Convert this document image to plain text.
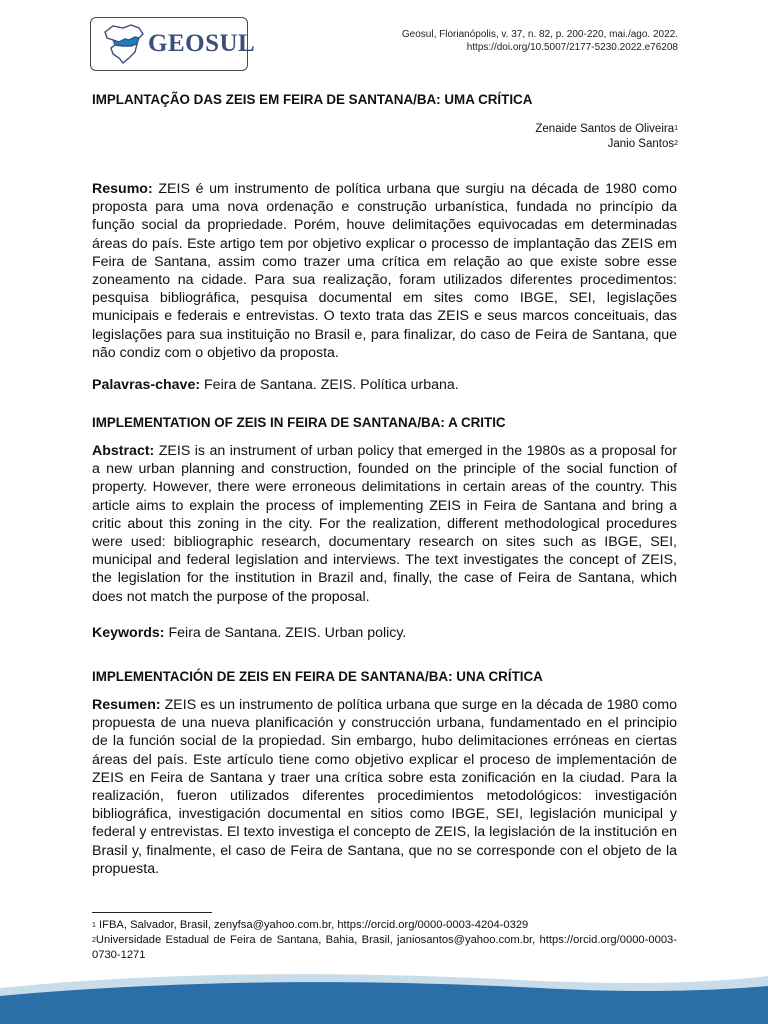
GEOSUL	Geosul, Florianópolis, v. 37, n. 82, p. 200-220, mai./ago. 2022.
https://doi.org/10.5007/2177-5230.2022.e76208
IMPLANTAÇÃO DAS ZEIS EM FEIRA DE SANTANA/BA: UMA CRÍTICA
Zenaide Santos de Oliveira$^1$
Janio Santos$^2$

Resumo: ZEIS é um instrumento de política urbana que surgiu na década de 1980 como proposta para uma nova ordenação e construção urbanística, fundada no princípio da função social da propriedade. Porém, houve delimitações equivocadas em determinadas áreas do país. Este artigo tem por objetivo explicar o processo de implantação das ZEIS em Feira de Santana, assim como trazer uma crítica em relação ao que existe sobre esse zoneamento na cidade. Para sua realização, foram utilizados diferentes procedimentos: pesquisa bibliográfica, pesquisa documental em sites como IBGE, SEI, legislações municipais e federais e entrevistas. O texto trata das ZEIS e seus marcos conceituais, das legislações para sua instituição no Brasil e, para finalizar, do caso de Feira de Santana, que não condiz com o objetivo da proposta.

Palavras-chave: Feira de Santana. ZEIS. Política urbana.

IMPLEMENTATION OF ZEIS IN FEIRA DE SANTANA/BA: A CRITIC

Abstract: ZEIS is an instrument of urban policy that emerged in the 1980s as a proposal for a new urban planning and construction, founded on the principle of the social function of property. However, there were erroneous delimitations in certain areas of the country. This article aims to explain the process of implementing ZEIS in Feira de Santana and bring a critic about this zoning in the city. For the realization, different methodological procedures were used: bibliographic research, documentary research on sites such as IBGE, SEI, municipal and federal legislation and interviews. The text investigates the concept of ZEIS, the legislation for the institution in Brazil and, finally, the case of Feira de Santana, which does not match the purpose of the proposal.

Keywords: Feira de Santana. ZEIS. Urban policy.

IMPLEMENTACIÓN DE ZEIS EN FEIRA DE SANTANA/BA: UNA CRÍTICA

Resumen: ZEIS es un instrumento de política urbana que surge en la década de 1980 como propuesta de una nueva planificación y construcción urbana, fundamentado en el principio de la función social de la propiedad. Sin embargo, hubo delimitaciones erróneas en ciertas áreas del país. Este artículo tiene como objetivo explicar el proceso de implementación de ZEIS en Feira de Santana y traer una crítica sobre esta zonificación en la ciudad. Para la realización, fueron utilizados diferentes procedimientos metodológicos: investigación bibliográfica, investigación documental en sitios como IBGE, SEI, legislación municipal y federal y entrevistas. El texto investiga el concepto de ZEIS, la legislación de la institución en Brasil y, finalmente, el caso de Feira de Santana, que no se corresponde con el objeto de la propuesta.

$^1$ IFBA, Salvador, Brasil, zenyfsa@yahoo.com.br, https://orcid.org/0000-0003-4204-0329
$^2$Universidade Estadual de Feira de Santana, Bahia, Brasil, janiosantos@yahoo.com.br, https://orcid.org/0000-0003-0730-1271
